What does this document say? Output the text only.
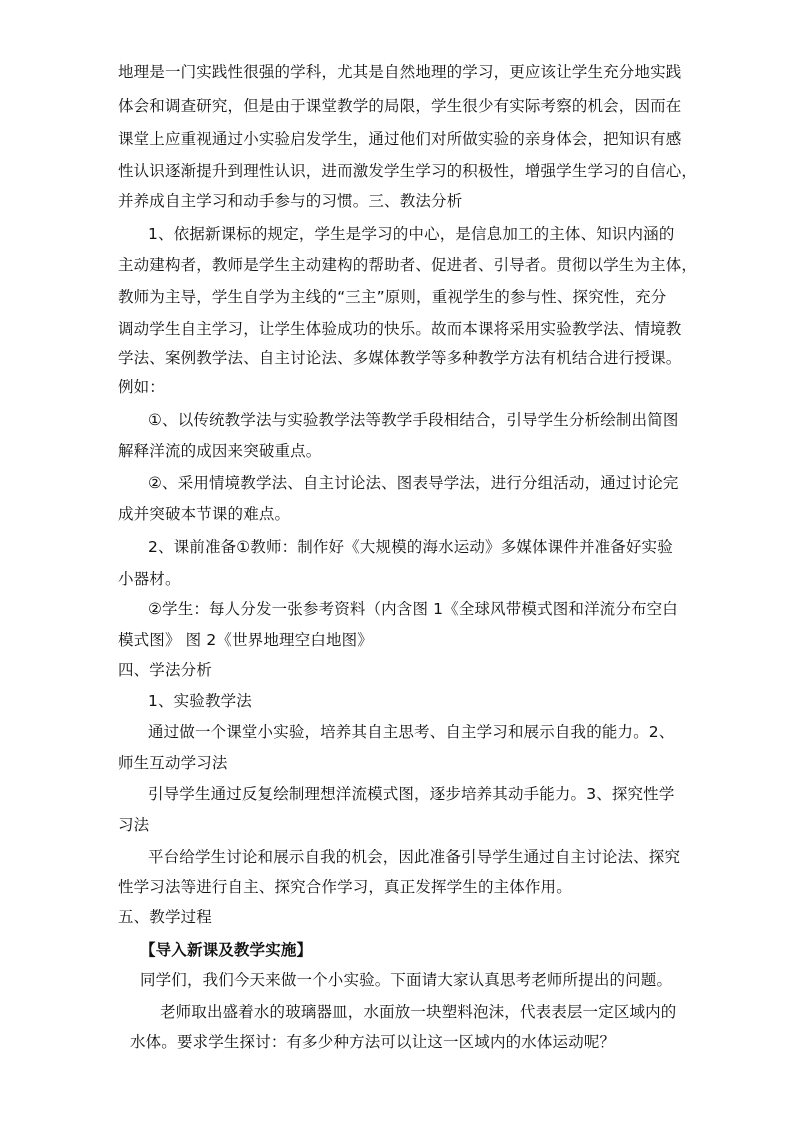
地理是一门实践性很强的学科，尤其是自然地理的学习，更应该让学生充分地实践
体会和调查研究，但是由于课堂教学的局限，学生很少有实际考察的机会，因而在
课堂上应重视通过小实验启发学生，通过他们对所做实验的亲身体会，把知识有感
性认识逐渐提升到理性认识，进而激发学生学习的积极性，增强学生学习的自信心，
并养成自主学习和动手参与的习惯。三、教法分析
1、依据新课标的规定，学生是学习的中心，是信息加工的主体、知识内涵的
主动建构者，教师是学生主动建构的帮助者、促进者、引导者。贯彻以学生为主体，
教师为主导，学生自学为主线的“三主”原则，重视学生的参与性、探究性，充分
调动学生自主学习，让学生体验成功的快乐。故而本课将采用实验教学法、情境教
学法、案例教学法、自主讨论法、多媒体教学等多种教学方法有机结合进行授课。
例如：
①、以传统教学法与实验教学法等教学手段相结合，引导学生分析绘制出简图
解释洋流的成因来突破重点。
②、采用情境教学法、自主讨论法、图表导学法，进行分组活动，通过讨论完
成并突破本节课的难点。
2、课前准备①教师：制作好《大规模的海水运动》多媒体课件并准备好实验
小器材。
②学生：每人分发一张参考资料（内含图 1《全球风带模式图和洋流分布空白
模式图》 图 2《世界地理空白地图》
四、学法分析
1、实验教学法
通过做一个课堂小实验，培养其自主思考、自主学习和展示自我的能力。2、
师生互动学习法
引导学生通过反复绘制理想洋流模式图，逐步培养其动手能力。3、探究性学
习法
平台给学生讨论和展示自我的机会，因此准备引导学生通过自主讨论法、探究
性学习法等进行自主、探究合作学习，真正发挥学生的主体作用。
五、教学过程
【导入新课及教学实施】
同学们，我们今天来做一个小实验。下面请大家认真思考老师所提出的问题。
老师取出盛着水的玻璃器皿，水面放一块塑料泡沫，代表表层一定区域内的
水体。要求学生探讨：有多少种方法可以让这一区域内的水体运动呢？
